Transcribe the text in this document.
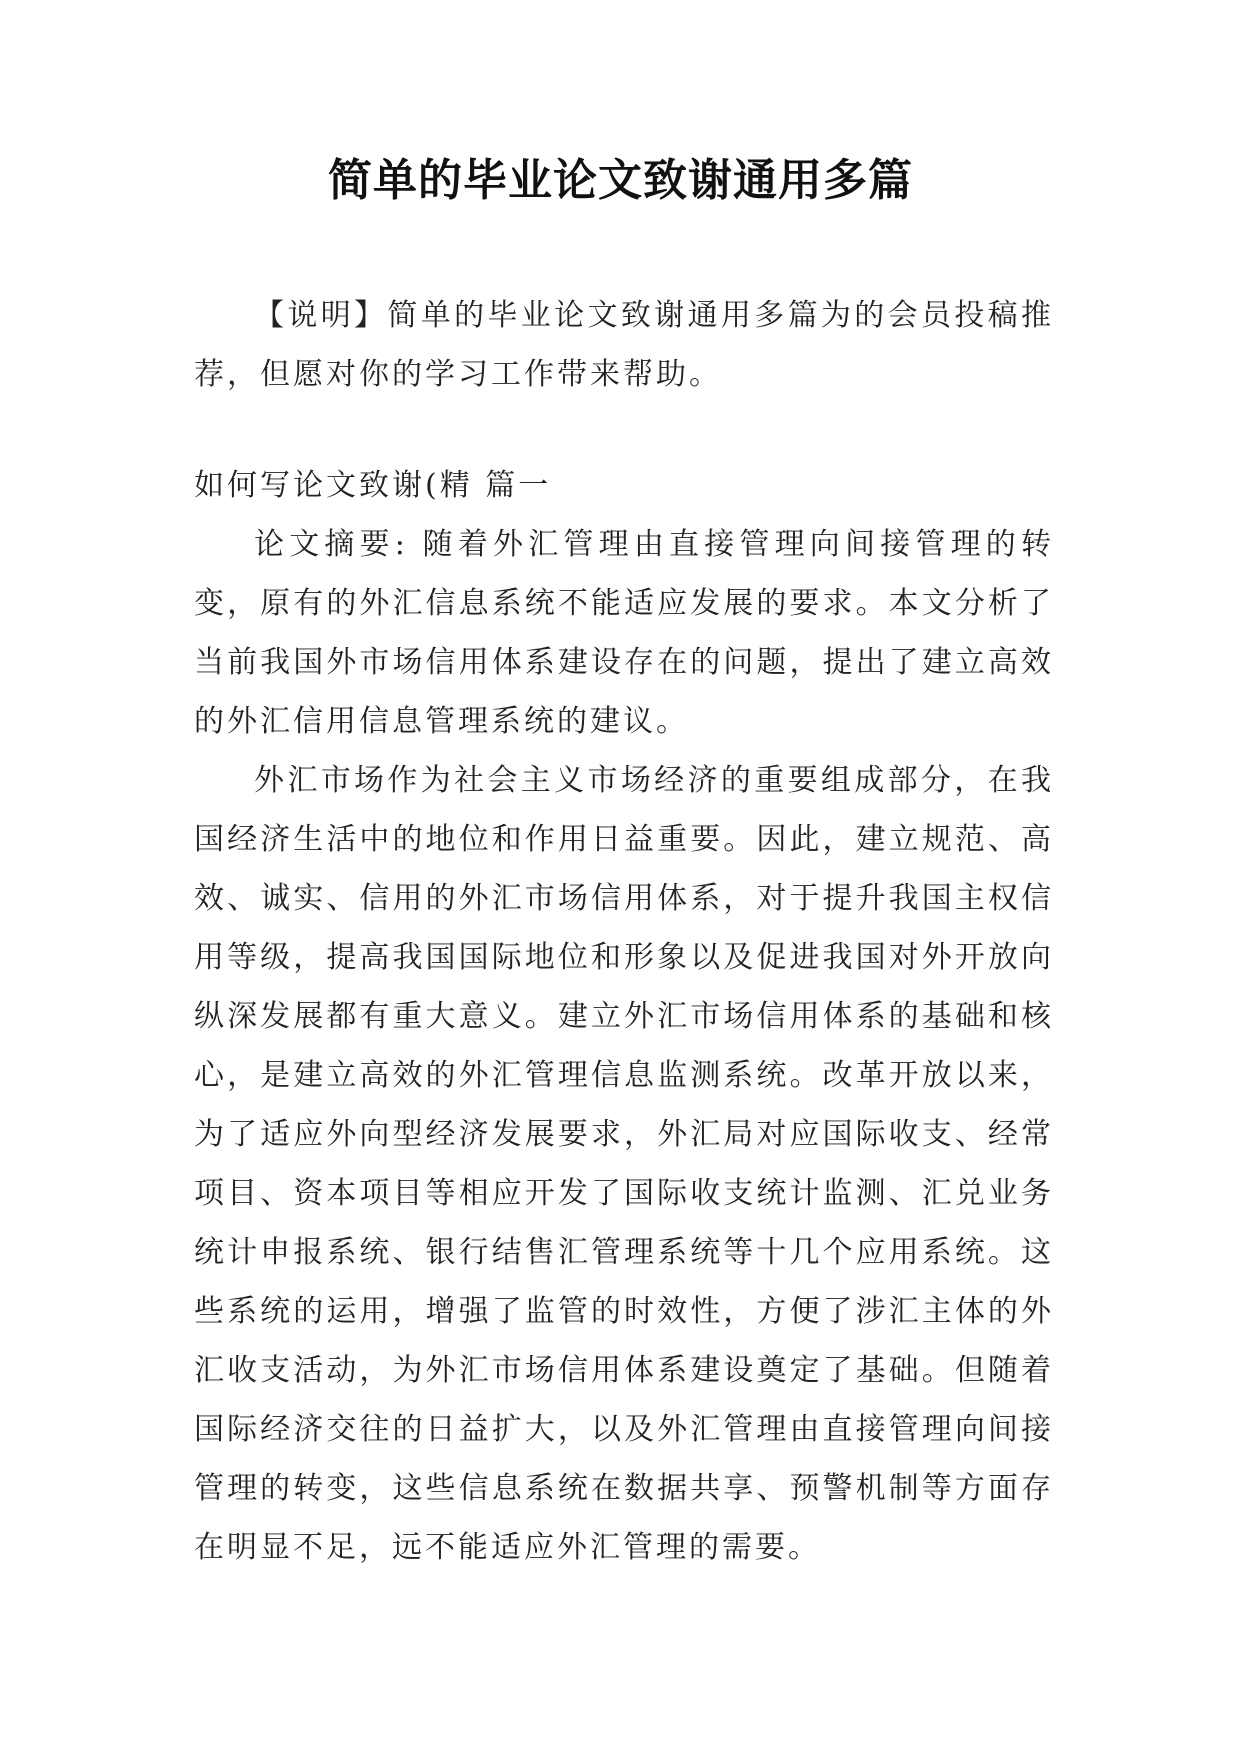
简单的毕业论文致谢通用多篇

【说明】简单的毕业论文致谢通用多篇为的会员投稿推荐，但愿对你的学习工作带来帮助。

如何写论文致谢(精 篇一

论文摘要: 随着外汇管理由直接管理向间接管理的转变，原有的外汇信息系统不能适应发展的要求。本文分析了当前我国外市场信用体系建设存在的问题，提出了建立高效的外汇信用信息管理系统的建议。

外汇市场作为社会主义市场经济的重要组成部分，在我国经济生活中的地位和作用日益重要。因此，建立规范、高效、诚实、信用的外汇市场信用体系，对于提升我国主权信用等级，提高我国国际地位和形象以及促进我国对外开放向纵深发展都有重大意义。建立外汇市场信用体系的基础和核心，是建立高效的外汇管理信息监测系统。改革开放以来，为了适应外向型经济发展要求，外汇局对应国际收支、经常项目、资本项目等相应开发了国际收支统计监测、汇兑业务统计申报系统、银行结售汇管理系统等十几个应用系统。这些系统的运用，增强了监管的时效性，方便了涉汇主体的外汇收支活动，为外汇市场信用体系建设奠定了基础。但随着国际经济交往的日益扩大，以及外汇管理由直接管理向间接管理的转变，这些信息系统在数据共享、预警机制等方面存在明显不足，远不能适应外汇管理的需要。
